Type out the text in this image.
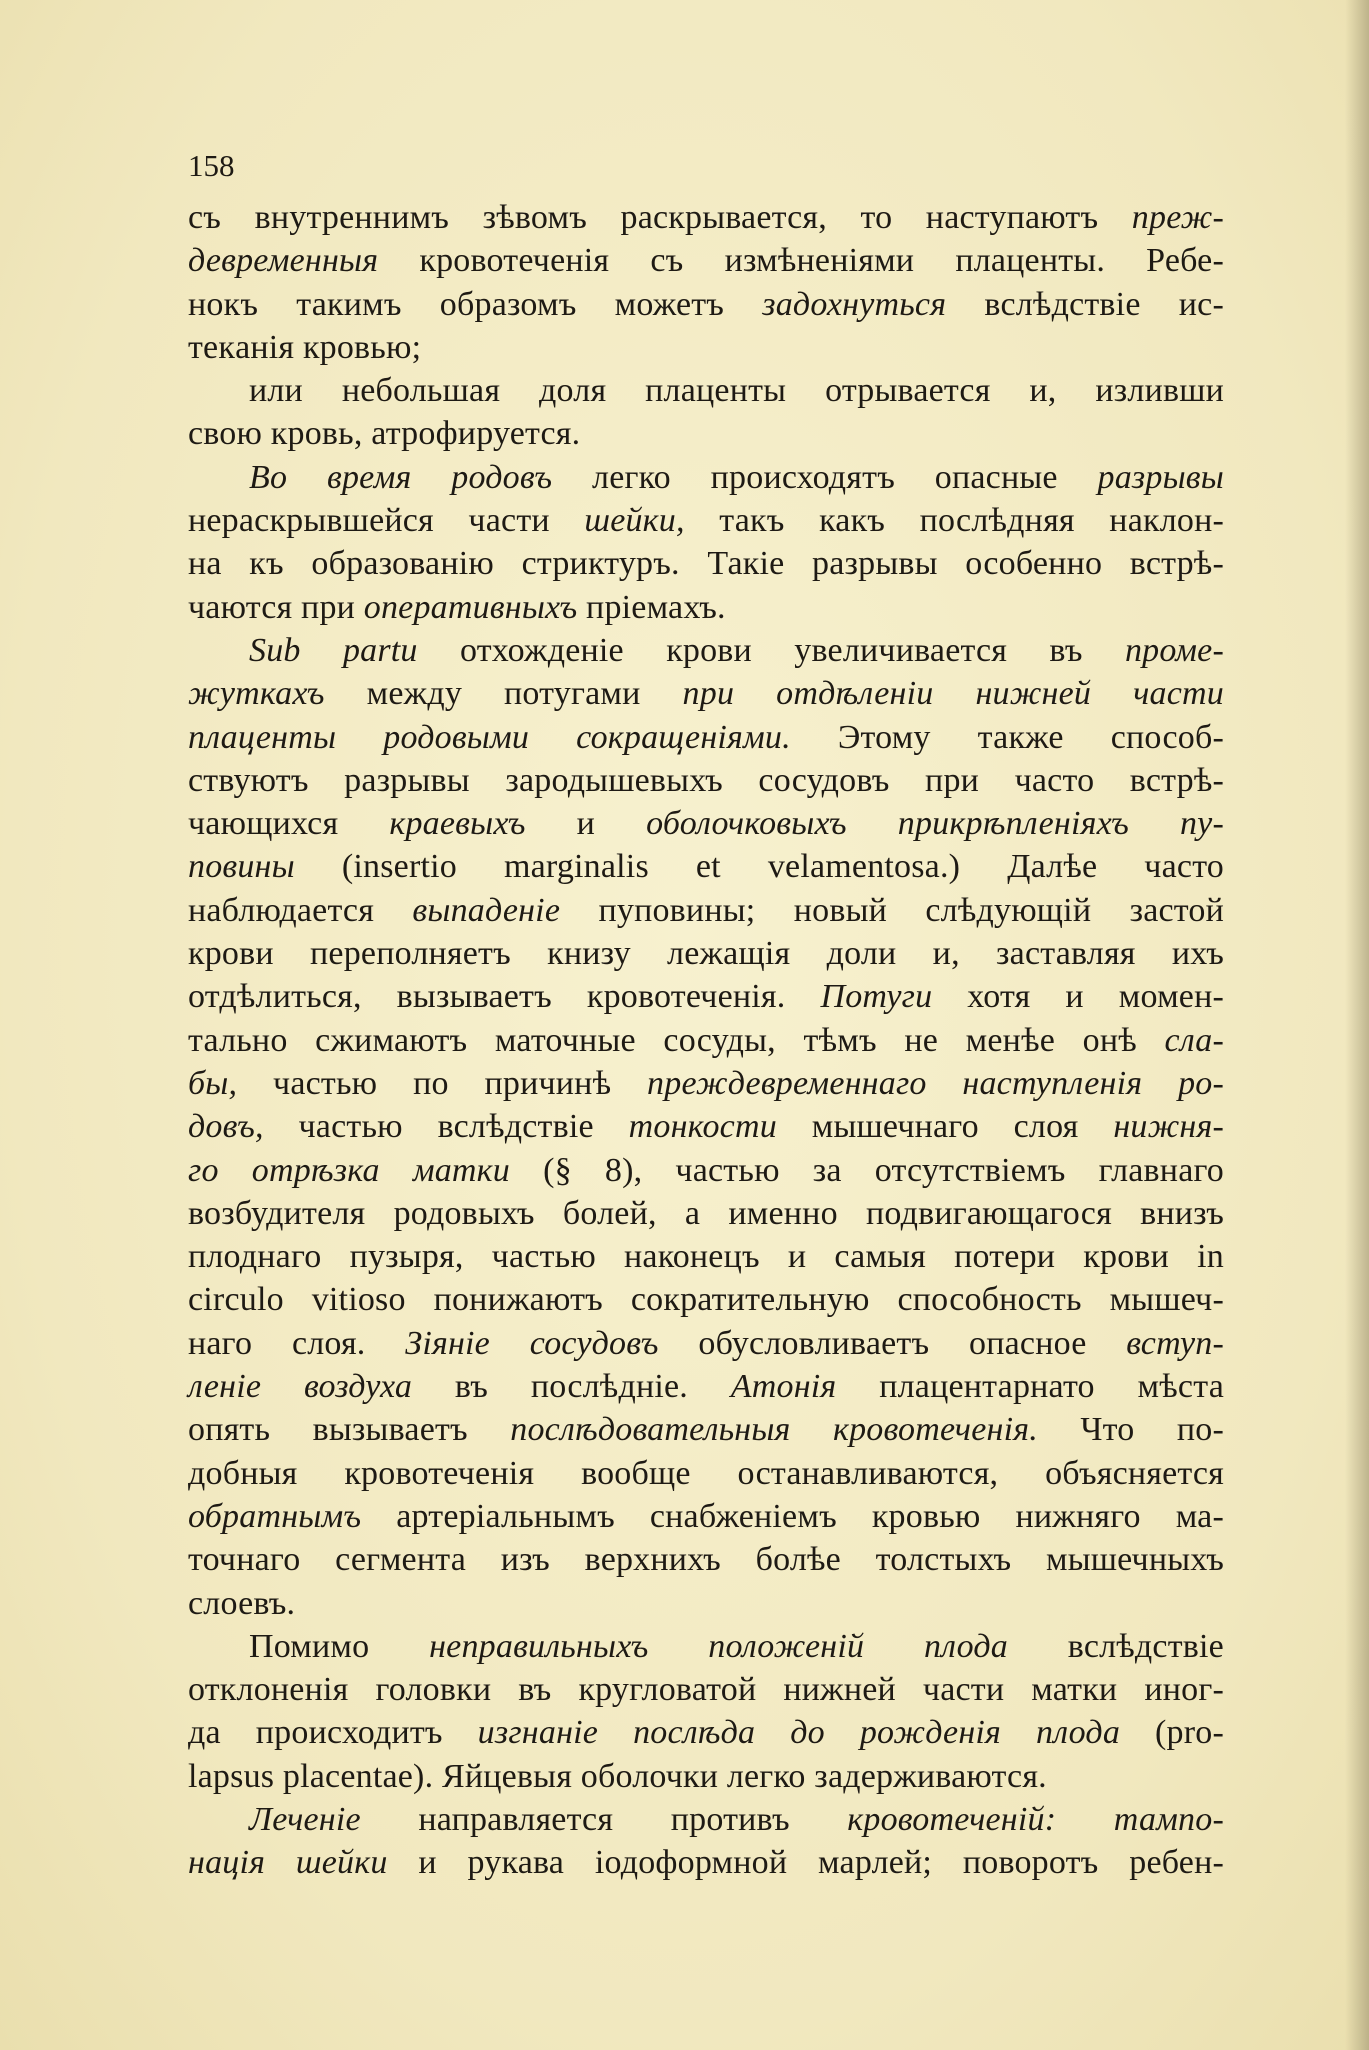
158
съ внутреннимъ зѣвомъ раскрывается, то наступаютъ преж-
девременныя кровотеченія съ измѣненіями плаценты. Ребе-
нокъ такимъ образомъ можетъ задохнуться вслѣдствіе ис-
текaнія кровью;
или небольшая доля плаценты отрывается и, изливши
свою кровь, атрофируется.
Во время родовъ легко происходятъ опасные разрывы
нераскрывшейся части шейки, такъ какъ послѣдняя наклон-
на къ образованію стриктуръ. Такіе разрывы особенно встрѣ-
чаются при оперативныхъ пріемахъ.
Sub partu отхожденіе крови увеличивается въ проме-
жуткахъ между потугами при отдѣленіи нижней части
плаценты родовыми сокращеніями. Этому также способ-
ствуютъ разрывы зародышевыхъ сосудовъ при часто встрѣ-
чающихся краевыхъ и оболочковыхъ прикрѣпленіяхъ пу-
повины (insertio marginalis et velamentosa.) Далѣе часто
наблюдается выпаденіе пуповины; новый слѣдующій застой
крови переполняетъ книзу лежащія доли и, заставляя ихъ
отдѣлиться, вызываетъ кровотеченія. Потуги хотя и момен-
тально сжимаютъ маточные сосуды, тѣмъ не менѣе онѣ сла-
бы, частью по причинѣ преждевременнаго наступленія ро-
довъ, частью вслѣдствіе тонкости мышечнаго слоя нижня-
го отрѣзка матки (§ 8), частью за отсутствіемъ главнаго
возбудителя родовыхъ болей, а именно подвигающагося внизъ
плоднаго пузыря, частью наконецъ и самыя потери крови in
circulo vitioso понижаютъ сократительную способность мышеч-
наго слоя. Зіяніе сосудовъ обусловливаетъ опасное вступ-
леніе воздуха въ послѣдніе. Атонія плацентарнато мѣста
опять вызываетъ послѣдовательныя кровотеченія. Что по-
добныя кровотеченія вообще останавливаются, объясняется
обратнымъ артеріальнымъ снабженіемъ кровью нижняго ма-
точнаго сегмента изъ верхнихъ болѣе толстыхъ мышечныхъ
слоевъ.
Помимо неправильныхъ положеній плода вслѣдствіе
отклоненія головки въ кругловатой нижней части матки иног-
да происходитъ изгнаніе послѣда до рожденія плода (pro-
lapsus placentae). Яйцевыя оболочки легко задерживаются.
Леченіе направляется противъ кровотеченій: тампо-
нація шейки и рукава іодоформной марлей; поворотъ ребен-
